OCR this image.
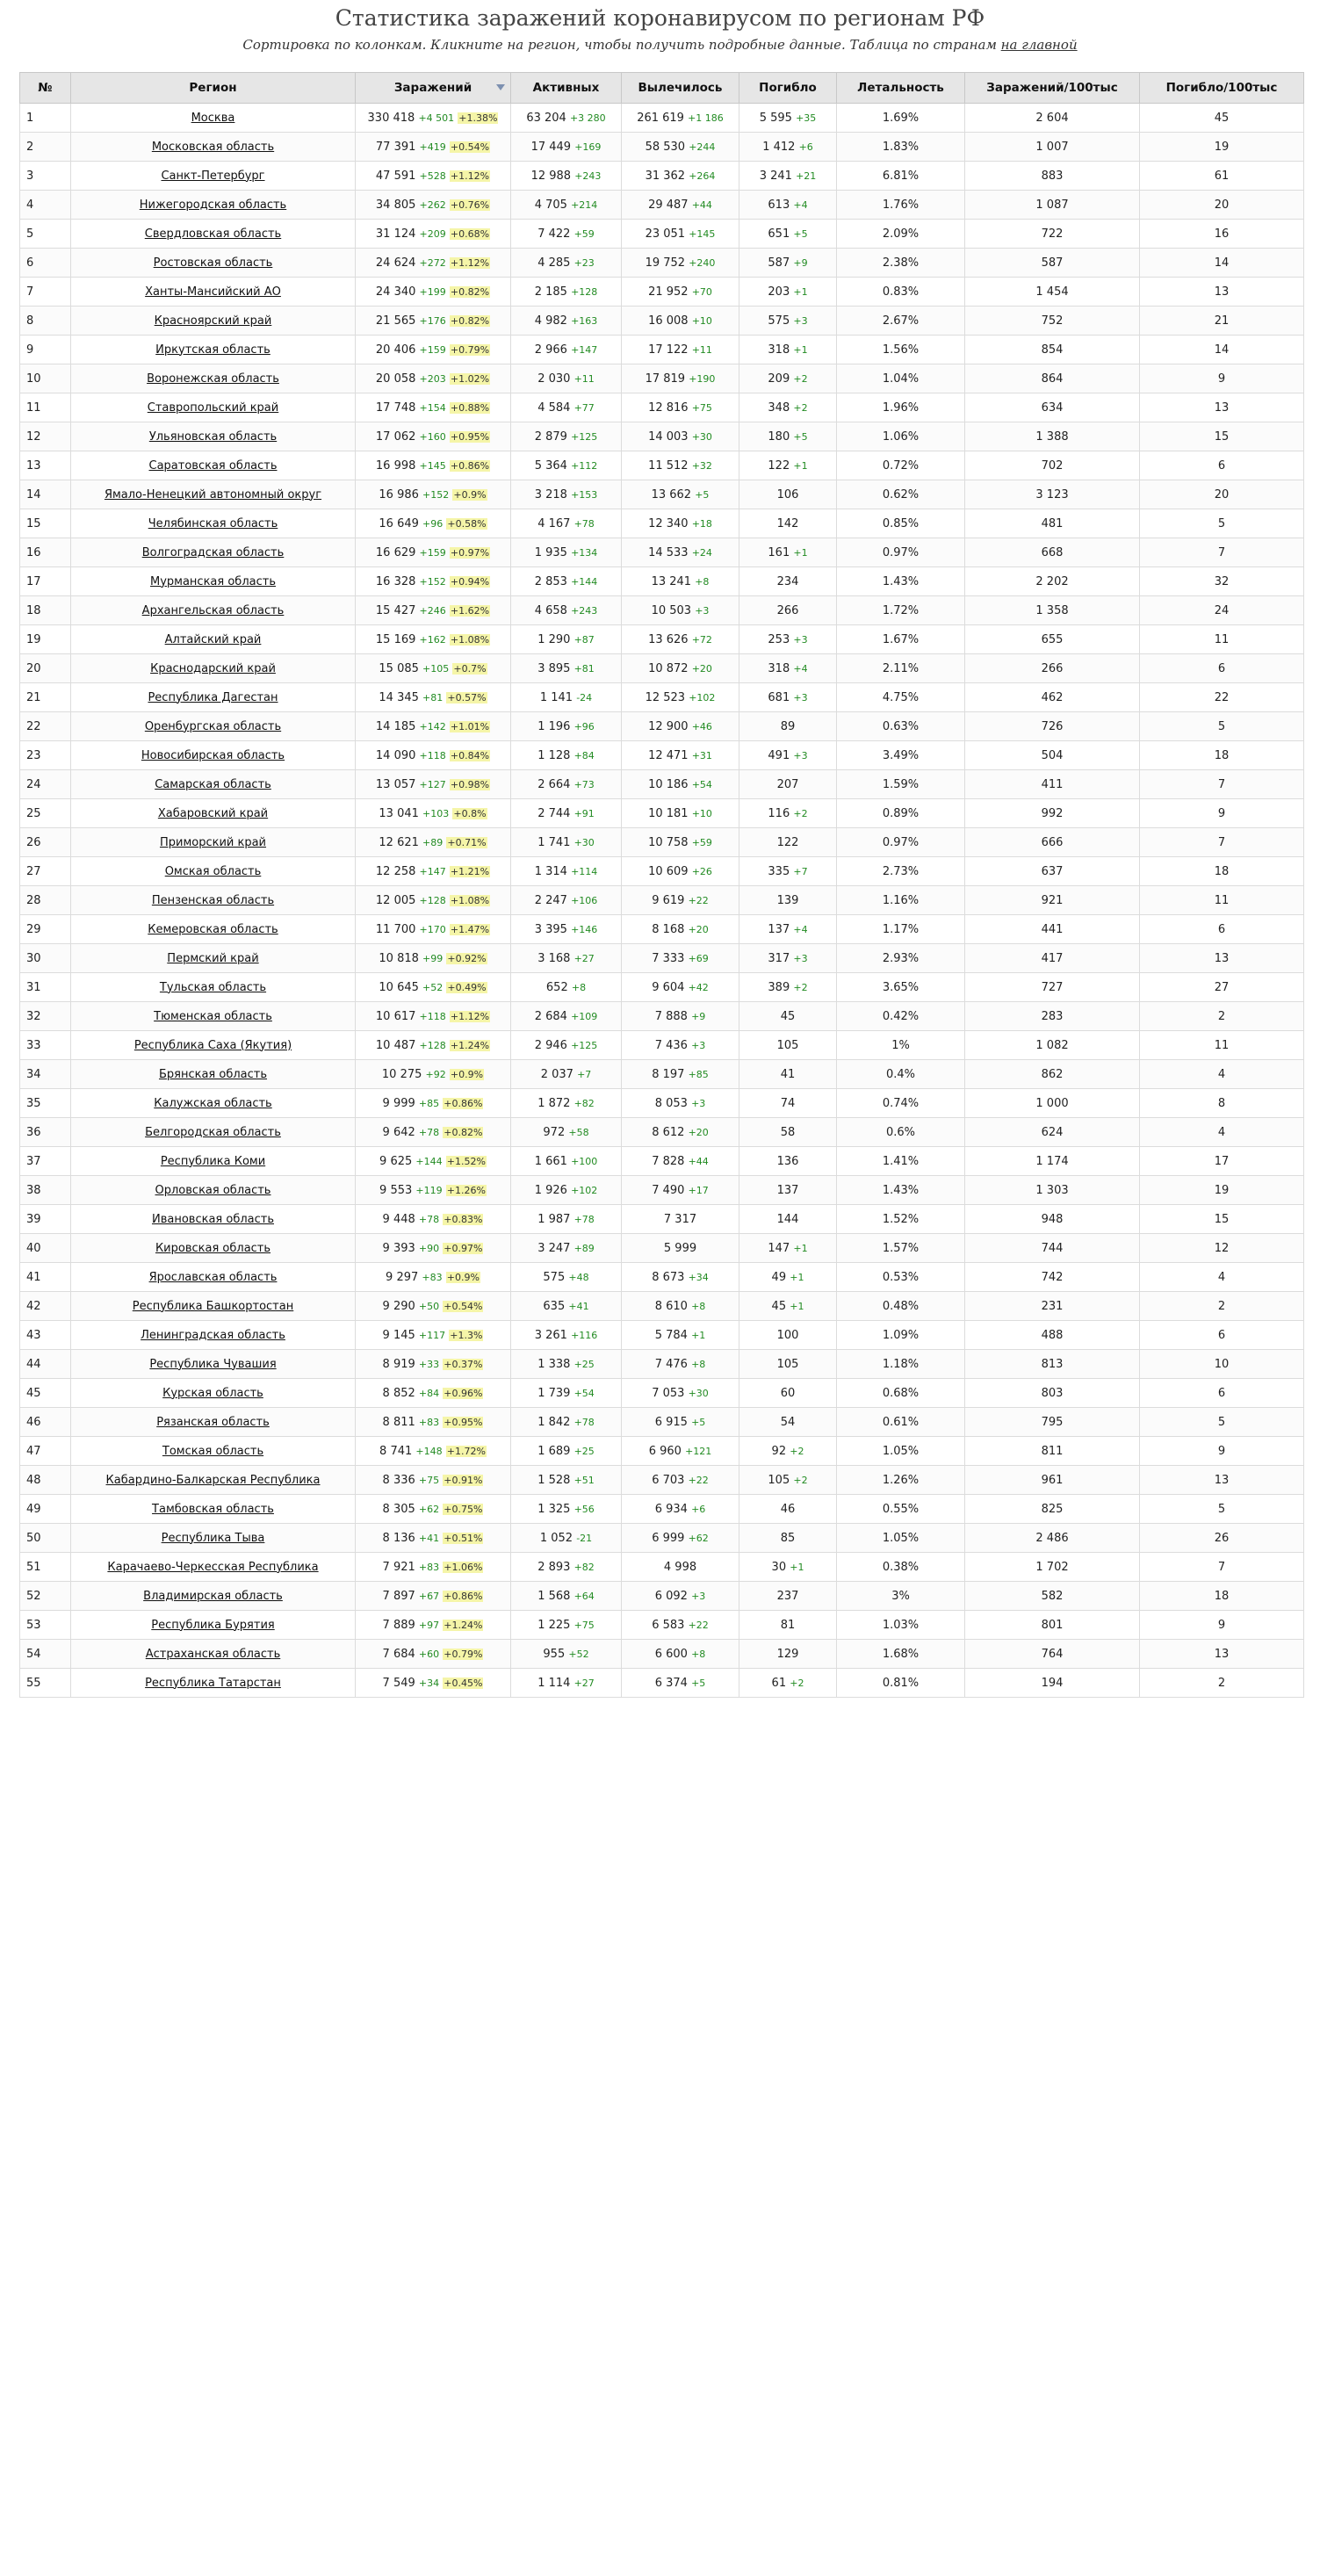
Статистика заражений коронавирусом по регионам РФ
Сортировка по колонкам. Кликните на регион, чтобы получить подробные данные. Таблица по странам на главной
№	Регион	Заражений	Активных	Вылечилось	Погибло	Летальность	Заражений/100тыс	Погибло/100тыс
1	Москва	330 418 +4 501 +1.38%	63 204 +3 280	261 619 +1 186	5 595 +35	1.69%	2 604	45
2	Московская область	77 391 +419 +0.54%	17 449 +169	58 530 +244	1 412 +6	1.83%	1 007	19
3	Санкт-Петербург	47 591 +528 +1.12%	12 988 +243	31 362 +264	3 241 +21	6.81%	883	61
4	Нижегородская область	34 805 +262 +0.76%	4 705 +214	29 487 +44	613 +4	1.76%	1 087	20
5	Свердловская область	31 124 +209 +0.68%	7 422 +59	23 051 +145	651 +5	2.09%	722	16
6	Ростовская область	24 624 +272 +1.12%	4 285 +23	19 752 +240	587 +9	2.38%	587	14
7	Ханты-Мансийский АО	24 340 +199 +0.82%	2 185 +128	21 952 +70	203 +1	0.83%	1 454	13
8	Красноярский край	21 565 +176 +0.82%	4 982 +163	16 008 +10	575 +3	2.67%	752	21
9	Иркутская область	20 406 +159 +0.79%	2 966 +147	17 122 +11	318 +1	1.56%	854	14
10	Воронежская область	20 058 +203 +1.02%	2 030 +11	17 819 +190	209 +2	1.04%	864	9
11	Ставропольский край	17 748 +154 +0.88%	4 584 +77	12 816 +75	348 +2	1.96%	634	13
12	Ульяновская область	17 062 +160 +0.95%	2 879 +125	14 003 +30	180 +5	1.06%	1 388	15
13	Саратовская область	16 998 +145 +0.86%	5 364 +112	11 512 +32	122 +1	0.72%	702	6
14	Ямало-Ненецкий автономный округ	16 986 +152 +0.9%	3 218 +153	13 662 +5	106	0.62%	3 123	20
15	Челябинская область	16 649 +96 +0.58%	4 167 +78	12 340 +18	142	0.85%	481	5
16	Волгоградская область	16 629 +159 +0.97%	1 935 +134	14 533 +24	161 +1	0.97%	668	7
17	Мурманская область	16 328 +152 +0.94%	2 853 +144	13 241 +8	234	1.43%	2 202	32
18	Архангельская область	15 427 +246 +1.62%	4 658 +243	10 503 +3	266	1.72%	1 358	24
19	Алтайский край	15 169 +162 +1.08%	1 290 +87	13 626 +72	253 +3	1.67%	655	11
20	Краснодарский край	15 085 +105 +0.7%	3 895 +81	10 872 +20	318 +4	2.11%	266	6
21	Республика Дагестан	14 345 +81 +0.57%	1 141 -24	12 523 +102	681 +3	4.75%	462	22
22	Оренбургская область	14 185 +142 +1.01%	1 196 +96	12 900 +46	89	0.63%	726	5
23	Новосибирская область	14 090 +118 +0.84%	1 128 +84	12 471 +31	491 +3	3.49%	504	18
24	Самарская область	13 057 +127 +0.98%	2 664 +73	10 186 +54	207	1.59%	411	7
25	Хабаровский край	13 041 +103 +0.8%	2 744 +91	10 181 +10	116 +2	0.89%	992	9
26	Приморский край	12 621 +89 +0.71%	1 741 +30	10 758 +59	122	0.97%	666	7
27	Омская область	12 258 +147 +1.21%	1 314 +114	10 609 +26	335 +7	2.73%	637	18
28	Пензенская область	12 005 +128 +1.08%	2 247 +106	9 619 +22	139	1.16%	921	11
29	Кемеровская область	11 700 +170 +1.47%	3 395 +146	8 168 +20	137 +4	1.17%	441	6
30	Пермский край	10 818 +99 +0.92%	3 168 +27	7 333 +69	317 +3	2.93%	417	13
31	Тульская область	10 645 +52 +0.49%	652 +8	9 604 +42	389 +2	3.65%	727	27
32	Тюменская область	10 617 +118 +1.12%	2 684 +109	7 888 +9	45	0.42%	283	2
33	Республика Саха (Якутия)	10 487 +128 +1.24%	2 946 +125	7 436 +3	105	1%	1 082	11
34	Брянская область	10 275 +92 +0.9%	2 037 +7	8 197 +85	41	0.4%	862	4
35	Калужская область	9 999 +85 +0.86%	1 872 +82	8 053 +3	74	0.74%	1 000	8
36	Белгородская область	9 642 +78 +0.82%	972 +58	8 612 +20	58	0.6%	624	4
37	Республика Коми	9 625 +144 +1.52%	1 661 +100	7 828 +44	136	1.41%	1 174	17
38	Орловская область	9 553 +119 +1.26%	1 926 +102	7 490 +17	137	1.43%	1 303	19
39	Ивановская область	9 448 +78 +0.83%	1 987 +78	7 317	144	1.52%	948	15
40	Кировская область	9 393 +90 +0.97%	3 247 +89	5 999	147 +1	1.57%	744	12
41	Ярославская область	9 297 +83 +0.9%	575 +48	8 673 +34	49 +1	0.53%	742	4
42	Республика Башкортостан	9 290 +50 +0.54%	635 +41	8 610 +8	45 +1	0.48%	231	2
43	Ленинградская область	9 145 +117 +1.3%	3 261 +116	5 784 +1	100	1.09%	488	6
44	Республика Чувашия	8 919 +33 +0.37%	1 338 +25	7 476 +8	105	1.18%	813	10
45	Курская область	8 852 +84 +0.96%	1 739 +54	7 053 +30	60	0.68%	803	6
46	Рязанская область	8 811 +83 +0.95%	1 842 +78	6 915 +5	54	0.61%	795	5
47	Томская область	8 741 +148 +1.72%	1 689 +25	6 960 +121	92 +2	1.05%	811	9
48	Кабардино-Балкарская Республика	8 336 +75 +0.91%	1 528 +51	6 703 +22	105 +2	1.26%	961	13
49	Тамбовская область	8 305 +62 +0.75%	1 325 +56	6 934 +6	46	0.55%	825	5
50	Республика Тыва	8 136 +41 +0.51%	1 052 -21	6 999 +62	85	1.05%	2 486	26
51	Карачаево-Черкесская Республика	7 921 +83 +1.06%	2 893 +82	4 998	30 +1	0.38%	1 702	7
52	Владимирская область	7 897 +67 +0.86%	1 568 +64	6 092 +3	237	3%	582	18
53	Республика Бурятия	7 889 +97 +1.24%	1 225 +75	6 583 +22	81	1.03%	801	9
54	Астраханская область	7 684 +60 +0.79%	955 +52	6 600 +8	129	1.68%	764	13
55	Республика Татарстан	7 549 +34 +0.45%	1 114 +27	6 374 +5	61 +2	0.81%	194	2
